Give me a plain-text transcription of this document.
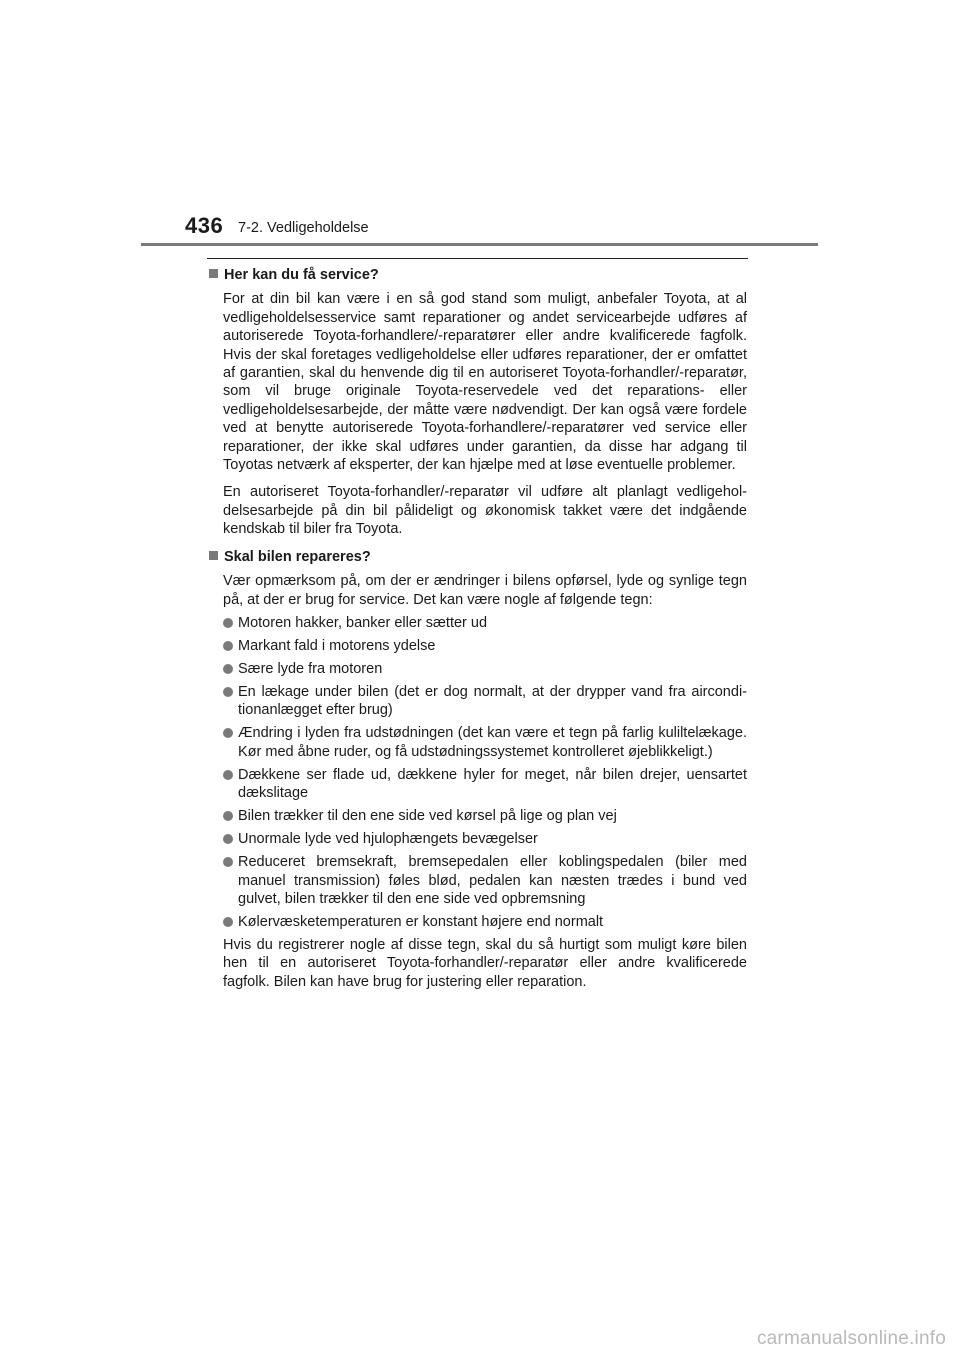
436 7-2. Vedligeholdelse
Her kan du få service?
For at din bil kan være i en så god stand som muligt, anbefaler Toyota, at al vedligeholdelsesservice samt reparationer og andet servicearbejde udføres af autoriserede Toyota-forhandlere/-reparatører eller andre kvalificerede fagfolk. Hvis der skal foretages vedligeholdelse eller udføres reparationer, der er omfattet af garantien, skal du henvende dig til en autoriseret Toyota-forhandler/-reparatør, som vil bruge originale Toyota-reservedele ved det reparations- eller vedligeholdelsesarbejde, der måtte være nødvendigt. Der kan også være fordele ved at benytte autoriserede Toyota-forhandlere/-reparatører ved service eller reparationer, der ikke skal udføres under garantien, da disse har adgang til Toyotas netværk af eksperter, der kan hjælpe med at løse eventuelle problemer.
En autoriseret Toyota-forhandler/-reparatør vil udføre alt planlagt vedligehol-delsesarbejde på din bil pålideligt og økonomisk takket være det indgående kendskab til biler fra Toyota.
Skal bilen repareres?
Vær opmærksom på, om der er ændringer i bilens opførsel, lyde og synlige tegn på, at der er brug for service. Det kan være nogle af følgende tegn:
Motoren hakker, banker eller sætter ud
Markant fald i motorens ydelse
Sære lyde fra motoren
En lækage under bilen (det er dog normalt, at der drypper vand fra aircondi-tionanlægget efter brug)
Ændring i lyden fra udstødningen (det kan være et tegn på farlig kuliltelækage. Kør med åbne ruder, og få udstødningssystemet kontrolleret øjeblikkeligt.)
Dækkene ser flade ud, dækkene hyler for meget, når bilen drejer, uensartet dækslitage
Bilen trækker til den ene side ved kørsel på lige og plan vej
Unormale lyde ved hjulophængets bevægelser
Reduceret bremsekraft, bremsepedalen eller koblingspedalen (biler med manuel transmission) føles blød, pedalen kan næsten trædes i bund ved gulvet, bilen trækker til den ene side ved opbremsning
Kølervæsketemperaturen er konstant højere end normalt
Hvis du registrerer nogle af disse tegn, skal du så hurtigt som muligt køre bilen hen til en autoriseret Toyota-forhandler/-reparatør eller andre kvalificerede fagfolk. Bilen kan have brug for justering eller reparation.
carmanualsonline.info
